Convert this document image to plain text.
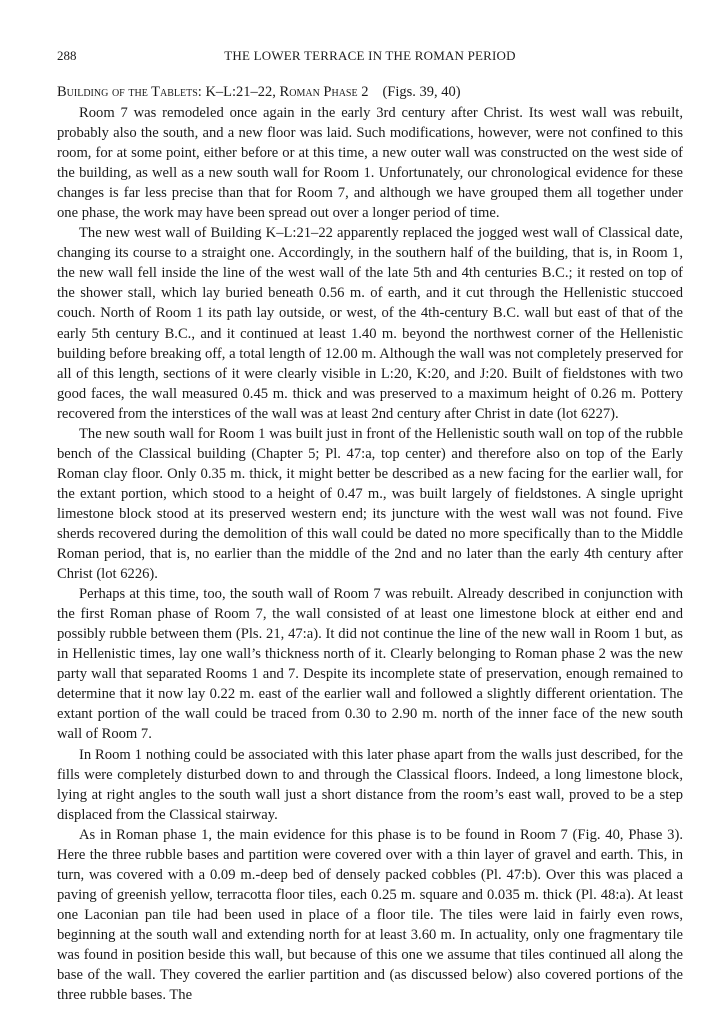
288	THE LOWER TERRACE IN THE ROMAN PERIOD
Building of the Tablets: K–L:21–22, Roman Phase 2 (Figs. 39, 40)

Room 7 was remodeled once again in the early 3rd century after Christ. Its west wall was rebuilt, probably also the south, and a new floor was laid. Such modifications, however, were not confined to this room, for at some point, either before or at this time, a new outer wall was constructed on the west side of the building, as well as a new south wall for Room 1. Unfortunately, our chronological evidence for these changes is far less precise than that for Room 7, and although we have grouped them all together under one phase, the work may have been spread out over a longer period of time.

The new west wall of Building K–L:21–22 apparently replaced the jogged west wall of Classical date, changing its course to a straight one. Accordingly, in the southern half of the building, that is, in Room 1, the new wall fell inside the line of the west wall of the late 5th and 4th centuries B.C.; it rested on top of the shower stall, which lay buried beneath 0.56 m. of earth, and it cut through the Hellenistic stuccoed couch. North of Room 1 its path lay outside, or west, of the 4th-century B.C. wall but east of that of the early 5th century B.C., and it continued at least 1.40 m. beyond the northwest corner of the Hellenistic building before breaking off, a total length of 12.00 m. Although the wall was not completely preserved for all of this length, sections of it were clearly visible in L:20, K:20, and J:20. Built of fieldstones with two good faces, the wall measured 0.45 m. thick and was preserved to a maximum height of 0.26 m. Pottery recovered from the interstices of the wall was at least 2nd century after Christ in date (lot 6227).

The new south wall for Room 1 was built just in front of the Hellenistic south wall on top of the rubble bench of the Classical building (Chapter 5; Pl. 47:a, top center) and therefore also on top of the Early Roman clay floor. Only 0.35 m. thick, it might better be described as a new facing for the earlier wall, for the extant portion, which stood to a height of 0.47 m., was built largely of fieldstones. A single upright limestone block stood at its preserved western end; its juncture with the west wall was not found. Five sherds recovered during the demolition of this wall could be dated no more specifically than to the Middle Roman period, that is, no earlier than the middle of the 2nd and no later than the early 4th century after Christ (lot 6226).

Perhaps at this time, too, the south wall of Room 7 was rebuilt. Already described in conjunction with the first Roman phase of Room 7, the wall consisted of at least one limestone block at either end and possibly rubble between them (Pls. 21, 47:a). It did not continue the line of the new wall in Room 1 but, as in Hellenistic times, lay one wall’s thickness north of it. Clearly belonging to Roman phase 2 was the new party wall that separated Rooms 1 and 7. Despite its incomplete state of preservation, enough remained to determine that it now lay 0.22 m. east of the earlier wall and followed a slightly different orientation. The extant portion of the wall could be traced from 0.30 to 2.90 m. north of the inner face of the new south wall of Room 7.

In Room 1 nothing could be associated with this later phase apart from the walls just described, for the fills were completely disturbed down to and through the Classical floors. Indeed, a long limestone block, lying at right angles to the south wall just a short distance from the room’s east wall, proved to be a step displaced from the Classical stairway.

As in Roman phase 1, the main evidence for this phase is to be found in Room 7 (Fig. 40, Phase 3). Here the three rubble bases and partition were covered over with a thin layer of gravel and earth. This, in turn, was covered with a 0.09 m.-deep bed of densely packed cobbles (Pl. 47:b). Over this was placed a paving of greenish yellow, terracotta floor tiles, each 0.25 m. square and 0.035 m. thick (Pl. 48:a). At least one Laconian pan tile had been used in place of a floor tile. The tiles were laid in fairly even rows, beginning at the south wall and extending north for at least 3.60 m. In actuality, only one fragmentary tile was found in position beside this wall, but because of this one we assume that tiles continued all along the base of the wall. They covered the earlier partition and (as discussed below) also covered portions of the three rubble bases. The
